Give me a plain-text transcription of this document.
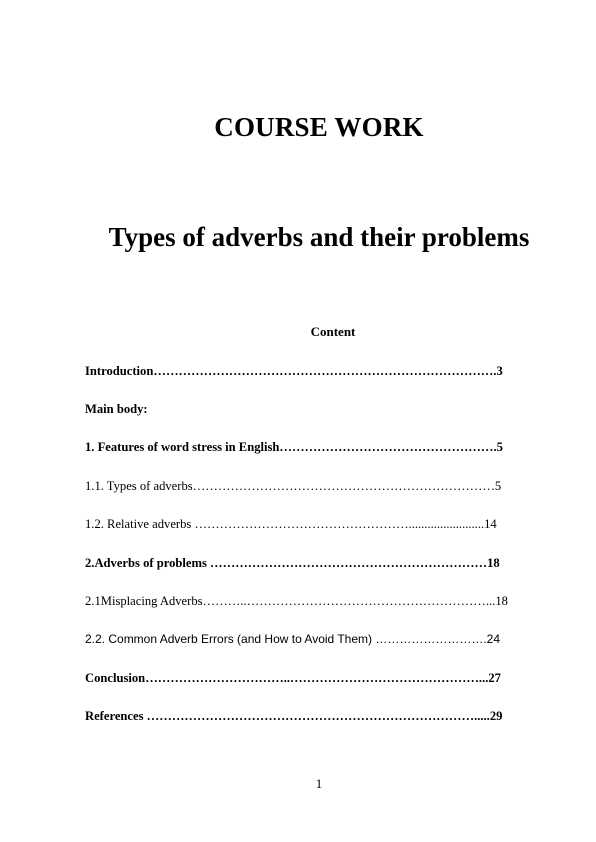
COURSE WORK
Types of adverbs and their problems
Content
Introduction……………………………………………………………………….3
Main body:
1. Features of word stress in English…………………………………………….5
1.1. Types of adverbs………………………………………………………………5
1.2. Relative adverbs ……………………………………………........................14
2.Adverbs of problems …………………………………………………………18
2.1Misplacing Adverbs………..…………………………………………………...18
2.2. Common Adverb Errors (and How to Avoid Them) ……………………….24
Conclusion……………………………..………………………………………...27
References …………………………………………………………………….....29
1
